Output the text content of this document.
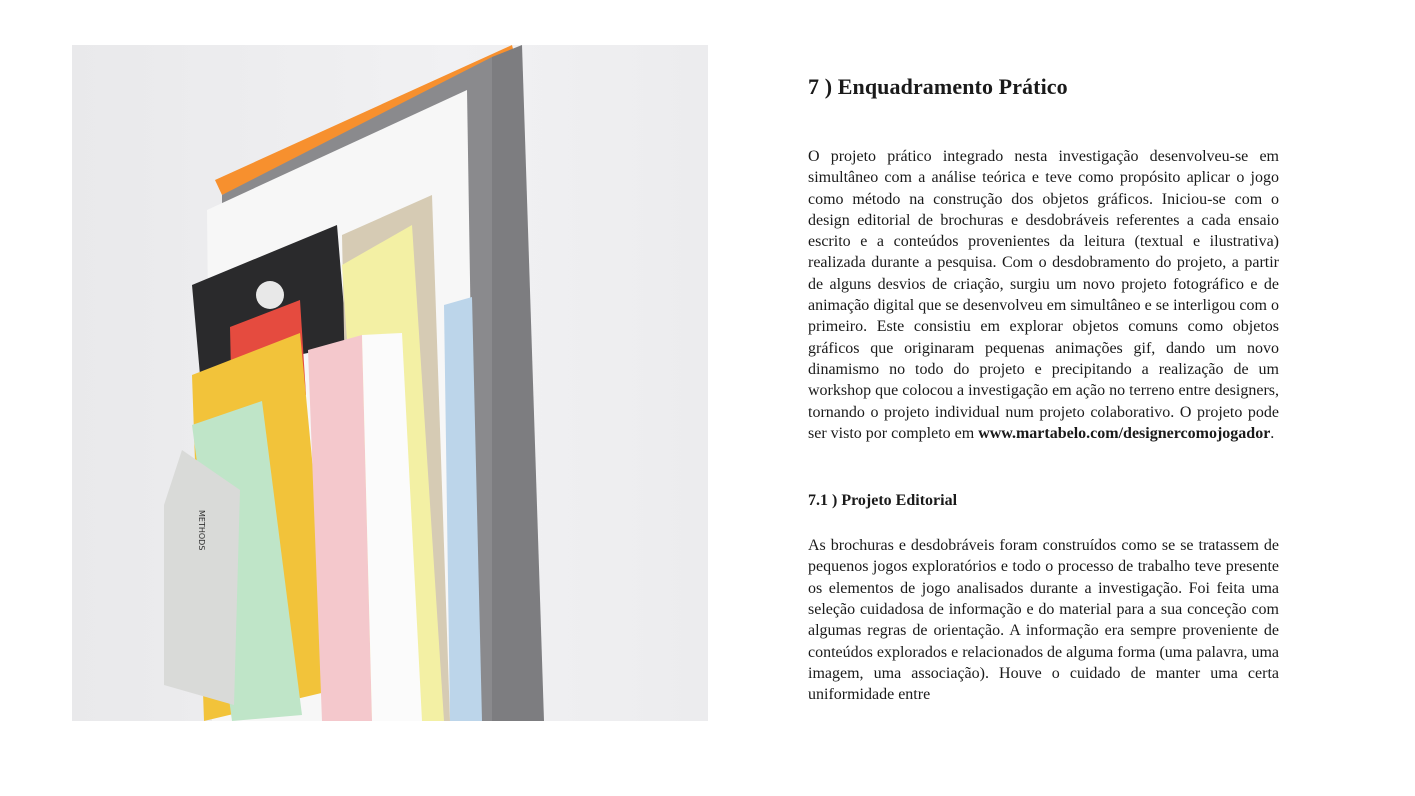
METHODS
7 ) Enquadramento Prático

O projeto prático integrado nesta investigação desenvolveu-se em simultâneo com a análise teórica e teve como propósito aplicar o jogo como método na construção dos objetos gráficos. Iniciou-se com o design editorial de brochuras e desdobráveis referentes a cada ensaio escrito e a conteúdos provenientes da leitura (textual e ilustrativa) realizada durante a pesquisa. Com o desdobramento do projeto, a partir de alguns desvios de criação, surgiu um novo projeto fotográfico e de animação digital que se desenvolveu em simultâneo e se interligou com o primeiro. Este consistiu em explorar objetos comuns como objetos gráficos que originaram pequenas animações gif, dando um novo dinamismo no todo do projeto e precipitando a realização de um workshop que colocou a investigação em ação no terreno entre designers, tornando o projeto individual num projeto colaborativo. O projeto pode ser visto por completo em www.martabelo.com/designercomojogador.

7.1 ) Projeto Editorial

As brochuras e desdobráveis foram construídos como se se tratassem de pequenos jogos exploratórios e todo o processo de trabalho teve presente os elementos de jogo analisados durante a investigação. Foi feita uma seleção cuidadosa de informação e do material para a sua conceção com algumas regras de orientação. A informação era sempre proveniente de conteúdos explorados e relacionados de alguma forma (uma palavra, uma imagem, uma associação). Houve o cuidado de manter uma certa uniformidade entre
